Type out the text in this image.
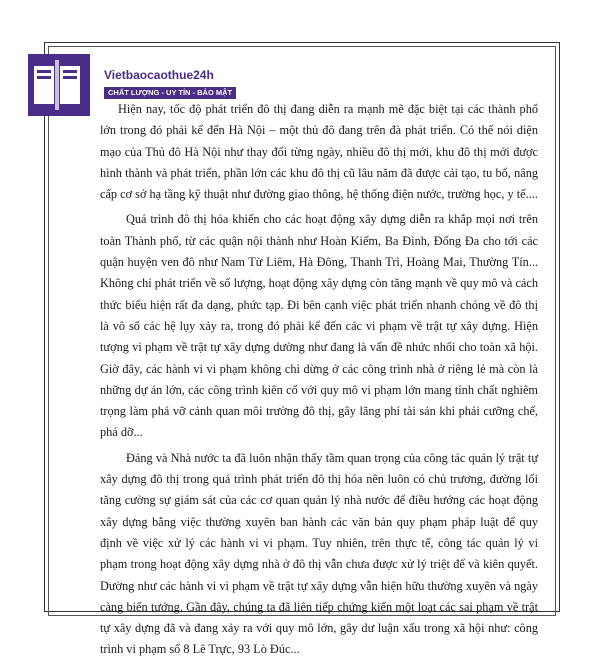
Vietbaocaothue24h
CHẤT LƯỢNG - UY TÍN - BẢO MẬT

Hiện nay, tốc độ phát triển đô thị đang diễn ra mạnh mẽ đặc biệt tại các thành phố lớn trong đó phải kể đến Hà Nội – một thủ đô đang trên đà phát triển. Có thể nói diện mạo của Thủ đô Hà Nội như thay đổi từng ngày, nhiều đô thị mới, khu đô thị mới được hình thành và phát triển, phần lớn các khu đô thị cũ lâu năm đã được cải tạo, tu bổ, nâng cấp cơ sở hạ tầng kỹ thuật như đường giao thông, hệ thống điện nước, trường học, y tế....

Quá trình đô thị hóa khiến cho các hoạt động xây dựng diễn ra khắp mọi nơi trên toàn Thành phố, từ các quận nội thành như Hoàn Kiếm, Ba Đình, Đống Đa cho tới các quận huyện ven đô như Nam Từ Liêm, Hà Đông, Thanh Trì, Hoàng Mai, Thường Tín... Không chỉ phát triển về số lượng, hoạt động xây dựng còn tăng mạnh về quy mô và cách thức biểu hiện rất đa dạng, phức tạp. Đi bên cạnh việc phát triển nhanh chóng về đô thị là vô số các hệ lụy xảy ra, trong đó phải kể đến các vi phạm về trật tự xây dựng. Hiện tượng vi phạm về trật tự xây dựng dường như đang là vấn đề nhức nhối cho toàn xã hội. Giờ đây, các hành vi vi phạm không chỉ dừng ở các công trình nhà ở riêng lẻ mà còn là những dự án lớn, các công trình kiên cố với quy mô vi phạm lớn mang tính chất nghiêm trọng làm phá vỡ cảnh quan môi trường đô thị, gây lãng phí tài sản khi phải cưỡng chế, phá dỡ...

Đảng và Nhà nước ta đã luôn nhận thấy tầm quan trọng của công tác quản lý trật tự xây dựng đô thị trong quá trình phát triển đô thị hóa nên luôn có chủ trương, đường lối tăng cường sự giám sát của các cơ quan quản lý nhà nước để điều hướng các hoạt động xây dựng bằng việc thường xuyên ban hành các văn bản quy phạm pháp luật để quy định về việc xử lý các hành vi vi phạm. Tuy nhiên, trên thực tế, công tác quản lý vi phạm trong hoạt động xây dựng nhà ở đô thị vẫn chưa được xử lý triệt để và kiên quyết. Dường như các hành vi vi phạm về trật tự xây dựng vẫn hiện hữu thường xuyên và ngày càng biến tướng. Gần đây, chúng ta đã liên tiếp chứng kiến một loạt các sai phạm về trật tự xây dựng đã và đang xảy ra với quy mô lớn, gây dư luận xấu trong xã hội như: công trình vi phạm số 8 Lê Trực, 93 Lò Đúc...
